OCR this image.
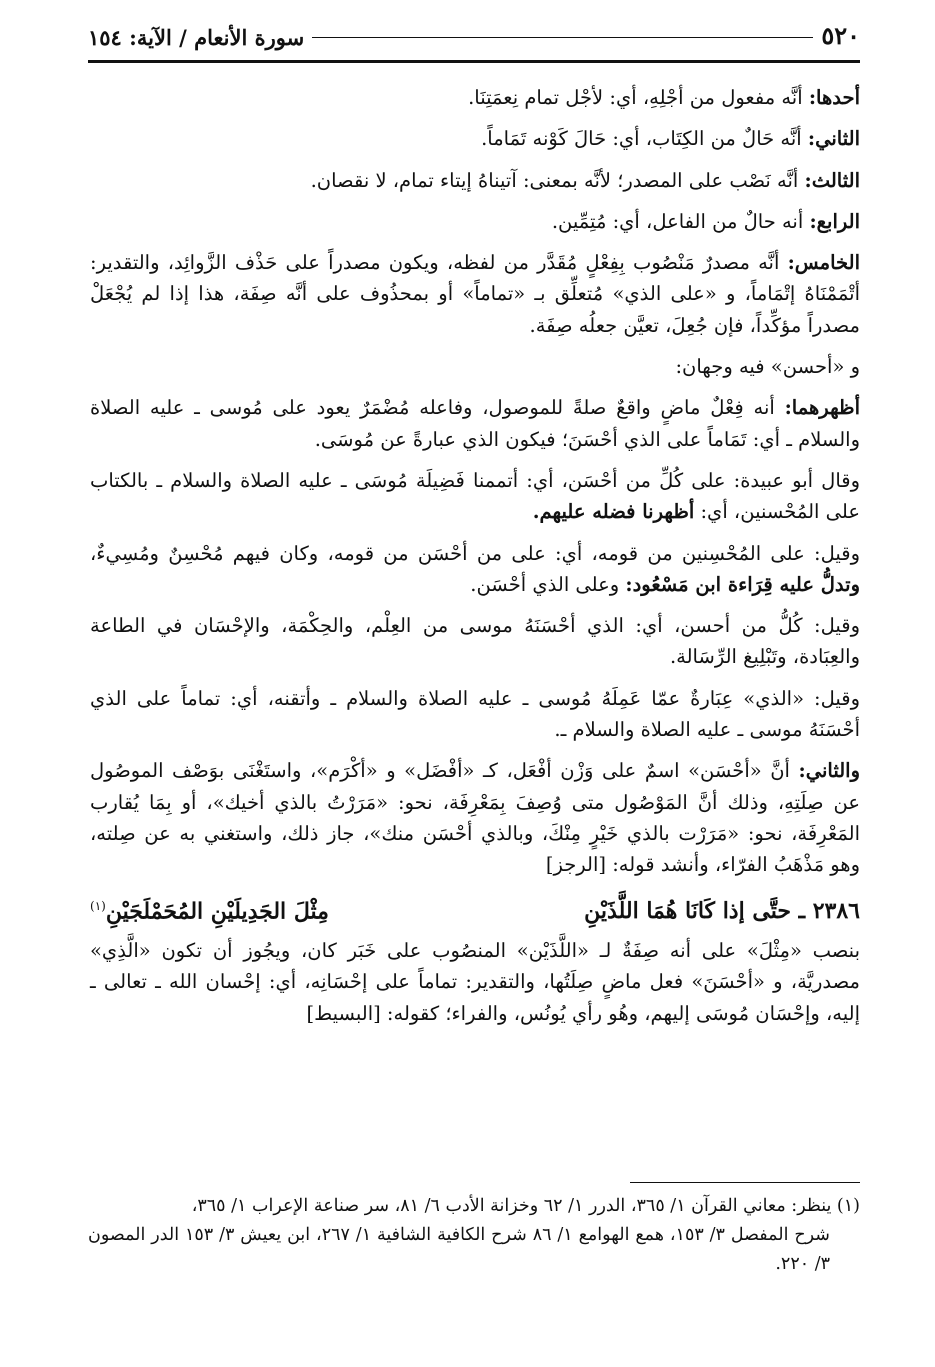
٥٢٠
سورة الأنعام / الآية: ١٥٤

أحدها: أنَّه مفعول من أجْلِهِ، أي: لأجْل تمام نِعمَتِنَا.

الثاني: أنَّه حَالٌ من الكِتَاب، أي: حَالَ كَوْنه تَمَاماً.

الثالث: أنَّه نَصْب على المصدر؛ لأنَّه بمعنى: آتيناهُ إيتاء تمام، لا نقصان.

الرابع: أنه حالٌ من الفاعل، أي: مُتِمِّين.

الخامس: أنَّه مصدرٌ مَنْصُوب بِفِعْلٍ مُقَدَّر من لفظه، ويكون مصدراً على حَذْف الزَّوائِد، والتقدير: أتْمَمْنَاهُ إتْمَاماً، و «على الذي» مُتعلِّق بـ «تماماً» أو بمحذُوف على أنَّه صِفَة، هذا إذا لم يُجْعَلْ مصدراً مؤكِّداً، فإن جُعِلَ، تعيَّن جعلُه صِفَة.

و «أحسن» فيه وجهان:

أظهرهما: أنه فِعْلٌ ماضٍ واقعٌ صلةً للموصول، وفاعله مُضْمَرٌ يعود على مُوسى ـ عليه الصلاة والسلام ـ أي: تَمَاماً على الذي أحْسَنَ؛ فيكون الذي عبارةً عن مُوسَى.

وقال أبو عبيدة: على كُلِّ من أحْسَن، أي: أتممنا فَضِيلَة مُوسَى ـ عليه الصلاة والسلام ـ بالكتاب على المُحْسنين، أي: أظهرنا فضله عليهم.

وقيل: على المُحْسِنين من قومه، أي: على من أحْسَن من قومه، وكان فيهم مُحْسِنٌ ومُسِيءٌ، وتدلُّ عليه قِرَاءة ابن مَسْعُود: وعلى الذي أحْسَن.

وقيل: كُلُّ من أحسن، أي: الذي أحْسَنَهُ موسى من العِلْم، والحِكْمَة، والإحْسَان في الطاعة والعِبَادة، وتَبْلِيغ الرِّسَالة.

وقيل: «الذي» عِبَارةٌ عمّا عَمِلَهُ مُوسى ـ عليه الصلاة والسلام ـ وأتقنه، أي: تماماً على الذي أحْسَنَهُ موسى ـ عليه الصلاة والسلام ـ.

والثاني: أنَّ «أحْسَن» اسمٌ على وَزْن أفْعَل، كـ «أفْضَل» و «أكْرَم»، واستَغْنَى بوَصْف الموصُول عن صِلَتِهِ، وذلك أنَّ المَوْصُول متى وُصِفَ بِمَعْرِفَة، نحو: «مَرَرْتُ بالذي أخيك»، أو بِمَا يُقارب المَعْرِفَة، نحو: «مَرَرْت بالذي خَيْرٍ مِنْكَ، وبالذي أحْسَن منك»، جاز ذلك، واستغني به عن صِلته، وهو مَذْهَبُ الفرّاء، وأنشد قوله: [الرجز]

٢٣٨٦ ـ حتَّى إذا كَانَا هُمَا اللَّذَيْنِ
مِثْلَ الجَدِيلَيْنِ المُحَمْلَجَيْنِ$^{(١)}$

بنصب «مِثْلَ» على أنه صِفَةٌ لـ «اللَّذَيْن» المنصُوب على خَبَر كان، ويجُوز أن تكون «الَّذِي» مصدريَّة، و «أحْسَنَ» فعل ماضٍ صِلَتُها، والتقدير: تماماً على إحْسَانِه، أي: إحْسان الله ـ تعالى ـ إليه، وإحْسَان مُوسَى إليهم، وهُو رأي يُونُس، والفراء؛ كقوله: [البسيط]

(١) ينظر: معاني القرآن ١/ ٣٦٥، الدرر ١/ ٦٢ وخزانة الأدب ٦/ ٨١، سر صناعة الإعراب ١/ ٣٦٥،

شرح المفصل ٣/ ١٥٣، همع الهوامع ١/ ٨٦ شرح الكافية الشافية ١/ ٢٦٧، ابن يعيش ٣/ ١٥٣ الدر المصون ٣/ ٢٢٠.
